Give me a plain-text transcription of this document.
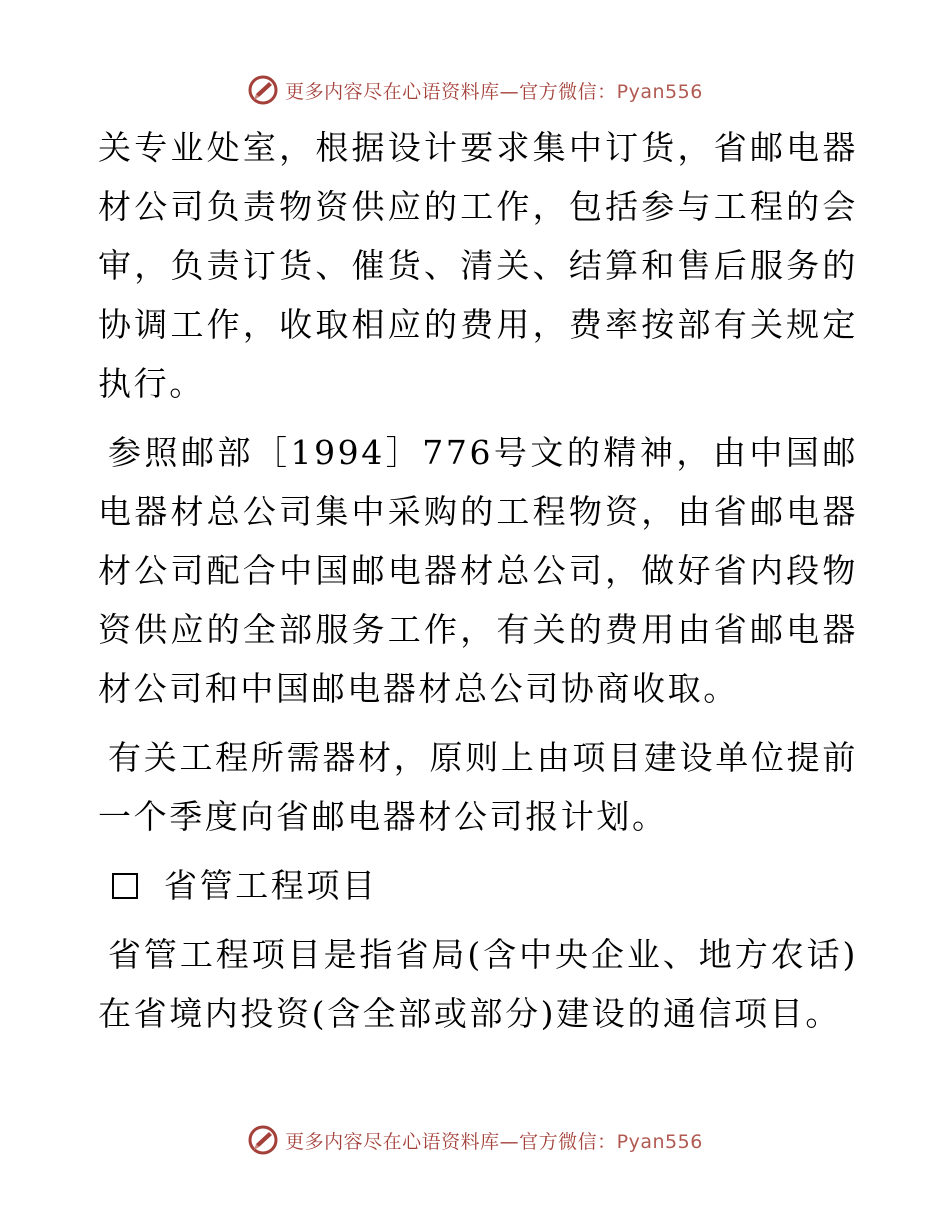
更多内容尽在心语资料库—官方微信：Pyan556

关专业处室，根据设计要求集中订货，省邮电器材公司负责物资供应的工作，包括参与工程的会审，负责订货、催货、清关、结算和售后服务的协调工作，收取相应的费用，费率按部有关规定执行。

参照邮部［1994］776号文的精神，由中国邮电器材总公司集中采购的工程物资，由省邮电器材公司配合中国邮电器材总公司，做好省内段物资供应的全部服务工作，有关的费用由省邮电器材公司和中国邮电器材总公司协商收取。

有关工程所需器材，原则上由项目建设单位提前一个季度向省邮电器材公司报计划。

省管工程项目

省管工程项目是指省局(含中央企业、地方农话)在省境内投资(含全部或部分)建设的通信项目。

更多内容尽在心语资料库—官方微信：Pyan556
